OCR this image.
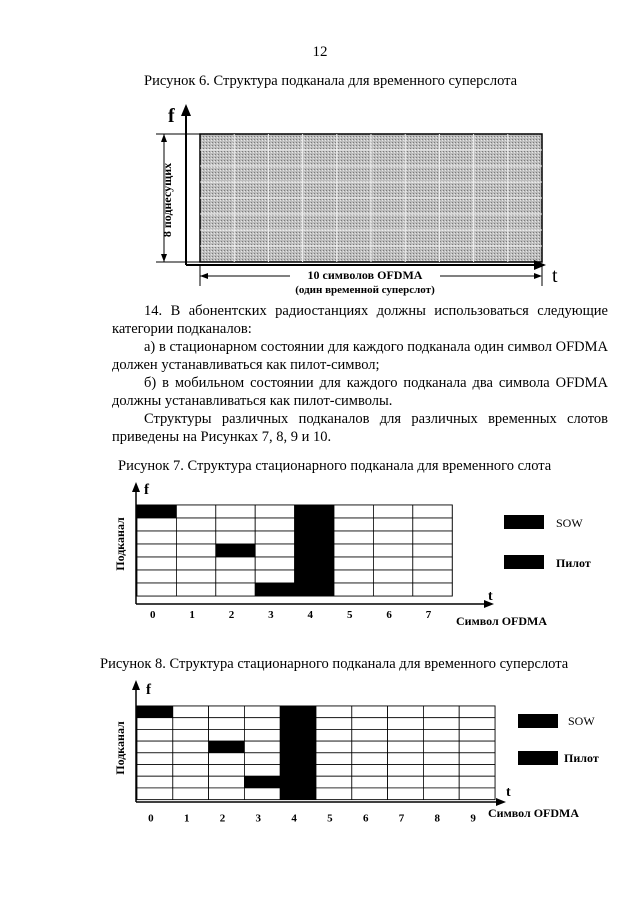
12
Рисунок 6. Структура подканала для временного суперслота
f
8 поднесущих
t
10 символов OFDMA
(один временной суперслот)

14. В абонентских радиостанциях должны использоваться следующие категории подканалов:

а) в стационарном состоянии для каждого подканала один символ OFDMA должен устанавливаться как пилот-символ;

б) в мобильном состоянии для каждого подканала два символа OFDMA должны устанавливаться как пилот-символы.

Структуры различных подканалов для различных временных слотов приведены на Рисунках 7, 8, 9 и 10.

Рисунок 7. Структура стационарного подканала для временного слота
f
Подканал
t
0	1	2	3	4	5	6	7 Символ OFDMA
SOW
Пилот
Рисунок 8. Структура стационарного подканала для временного суперслота
f
Подканал
t
0	1	2	3	4	5	6	7	8	9 Символ OFDMA
SOW
Пилот
